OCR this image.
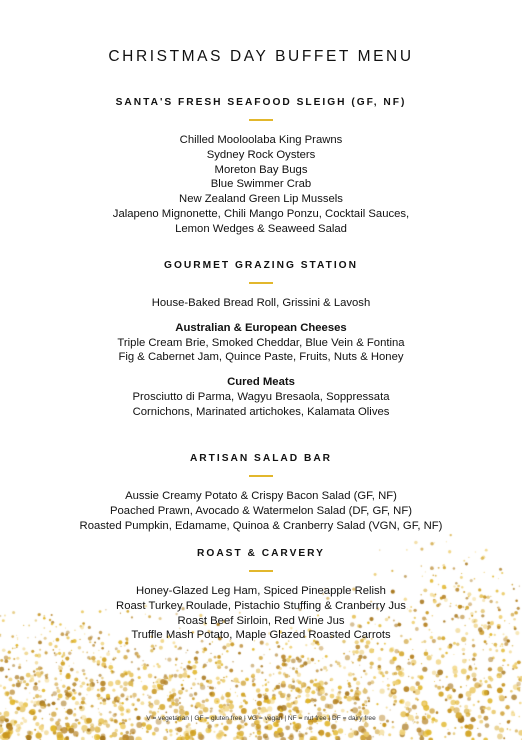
CHRISTMAS DAY BUFFET MENU
SANTA'S FRESH SEAFOOD SLEIGH (GF, NF)
Chilled Mooloolaba King Prawns
Sydney Rock Oysters
Moreton Bay Bugs
Blue Swimmer Crab
New Zealand Green Lip Mussels
Jalapeno Mignonette, Chili Mango Ponzu, Cocktail Sauces,
Lemon Wedges & Seaweed Salad
GOURMET GRAZING STATION
House-Baked Bread Roll, Grissini & Lavosh
Australian & European Cheeses
Triple Cream Brie, Smoked Cheddar, Blue Vein & Fontina
Fig & Cabernet Jam, Quince Paste, Fruits, Nuts & Honey
Cured Meats
Prosciutto di Parma, Wagyu Bresaola, Soppressata
Cornichons, Marinated artichokes, Kalamata Olives
ARTISAN SALAD BAR
Aussie Creamy Potato & Crispy Bacon Salad (GF, NF)
Poached Prawn, Avocado & Watermelon Salad (DF, GF, NF)
Roasted Pumpkin, Edamame, Quinoa & Cranberry Salad (VGN, GF, NF)
ROAST & CARVERY
Honey-Glazed Leg Ham, Spiced Pineapple Relish
Roast Turkey Roulade, Pistachio Stuffing & Cranberry Jus
Roast Beef Sirloin, Red Wine Jus
Truffle Mash Potato, Maple Glazed Roasted Carrots
V = vegetarian | GF = gluten free | VG = vegan | NF = nut free | DF = dairy free
